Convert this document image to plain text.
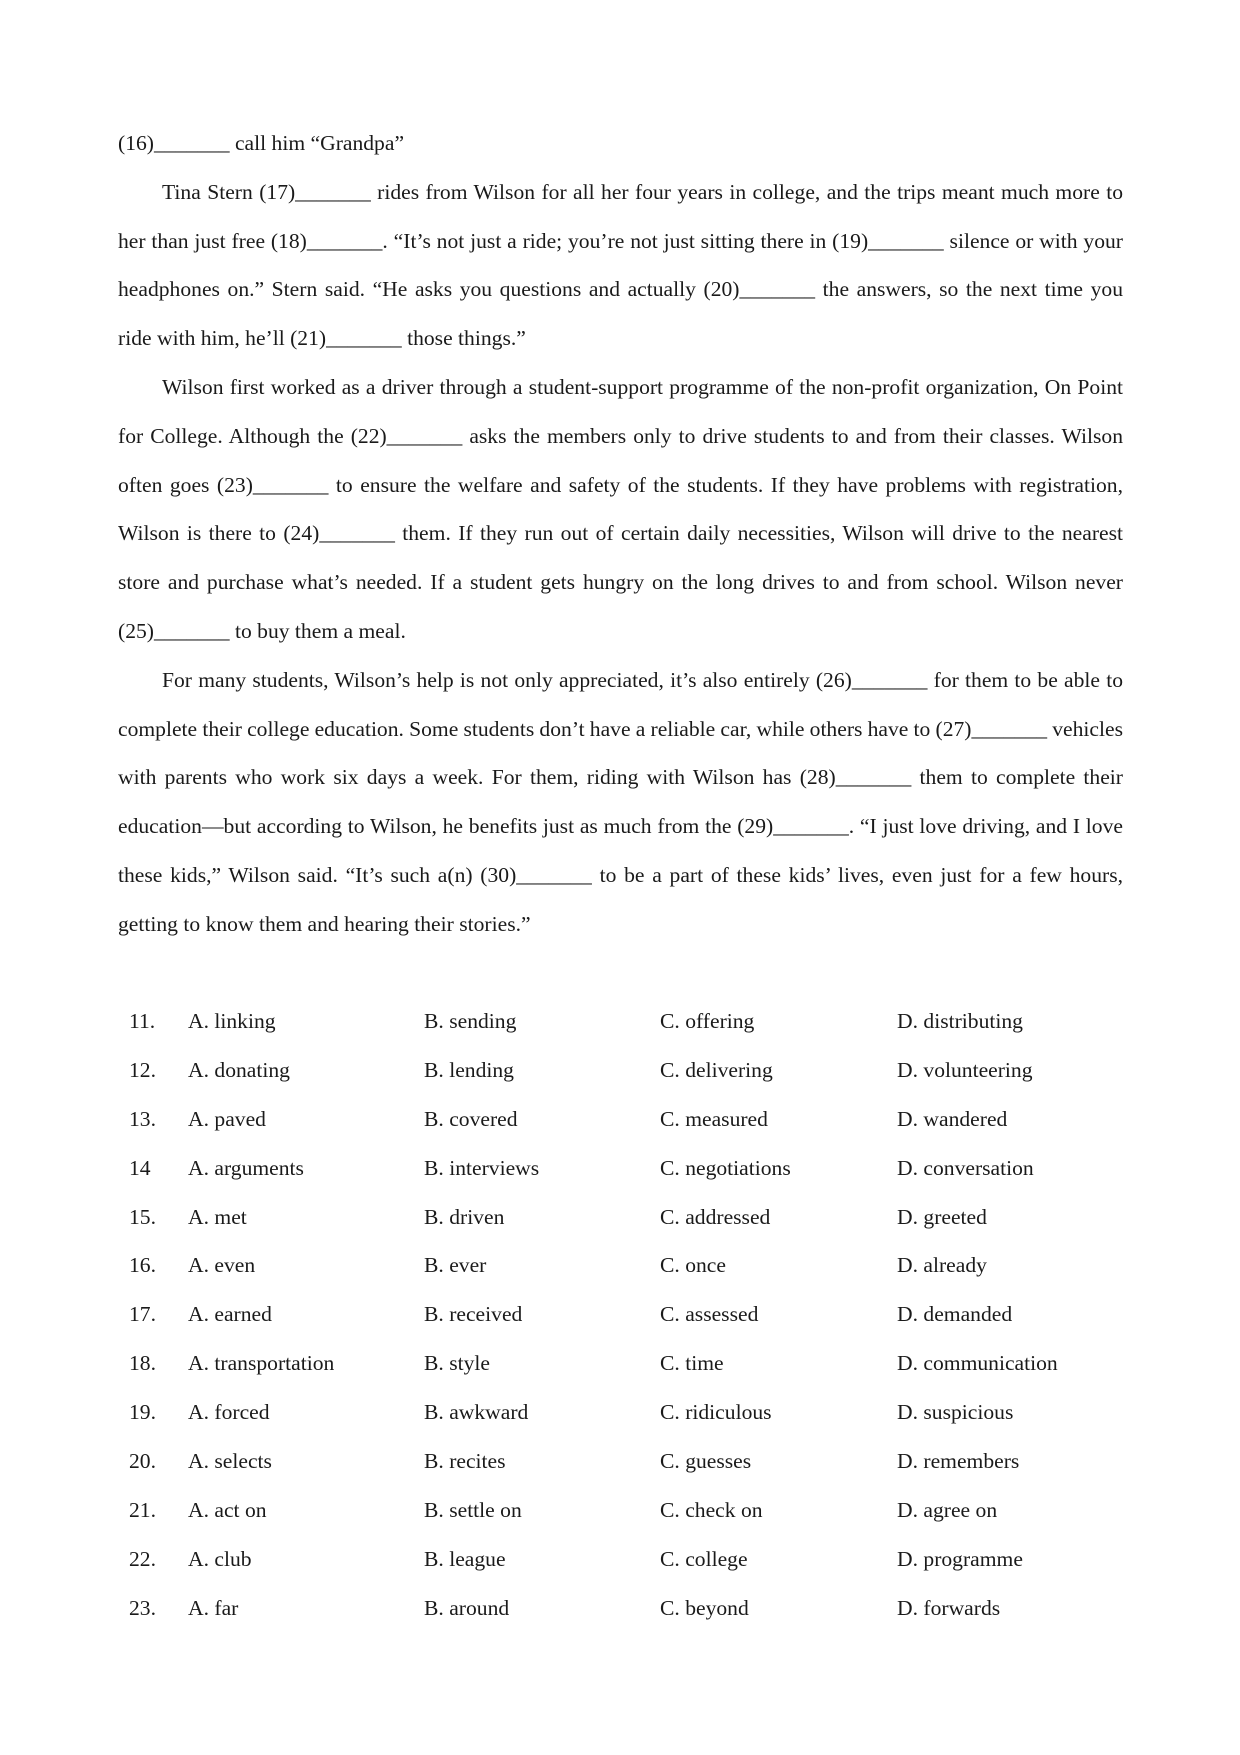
(16)_______ call him “Grandpa”
Tina Stern (17)_______ rides from Wilson for all her four years in college, and the trips meant much more to
her than just free (18)_______. “It’s not just a ride; you’re not just sitting there in (19)_______ silence or with your
headphones on.” Stern said. “He asks you questions and actually (20)_______ the answers, so the next time you
ride with him, he’ll (21)_______ those things.”
Wilson first worked as a driver through a student-support programme of the non-profit organization, On Point
for College. Although the (22)_______ asks the members only to drive students to and from their classes. Wilson
often goes (23)_______ to ensure the welfare and safety of the students. If they have problems with registration,
Wilson is there to (24)_______ them. If they run out of certain daily necessities, Wilson will drive to the nearest
store and purchase what’s needed. If a student gets hungry on the long drives to and from school. Wilson never
(25)_______ to buy them a meal.
For many students, Wilson’s help is not only appreciated, it’s also entirely (26)_______ for them to be able to
complete their college education. Some students don’t have a reliable car, while others have to (27)_______ vehicles
with parents who work six days a week. For them, riding with Wilson has (28)_______ them to complete their
education—but according to Wilson, he benefits just as much from the (29)_______. “I just love driving, and I love
these kids,” Wilson said. “It’s such a(n) (30)_______ to be a part of these kids’ lives, even just for a few hours,
getting to know them and hearing their stories.”
11. A. linking	B. sending	C. offering	D. distributing
12. A. donating	B. lending	C. delivering	D. volunteering
13. A. paved	B. covered	C. measured	D. wandered
14 A. arguments	B. interviews	C. negotiations	D. conversation
15. A. met	B. driven	C. addressed	D. greeted
16. A. even	B. ever	C. once	D. already
17. A. earned	B. received	C. assessed	D. demanded
18. A. transportation	B. style	C. time	D. communication
19. A. forced	B. awkward	C. ridiculous	D. suspicious
20. A. selects	B. recites	C. guesses	D. remembers
21. A. act on	B. settle on	C. check on	D. agree on
22. A. club	B. league	C. college	D. programme
23. A. far	B. around	C. beyond	D. forwards
